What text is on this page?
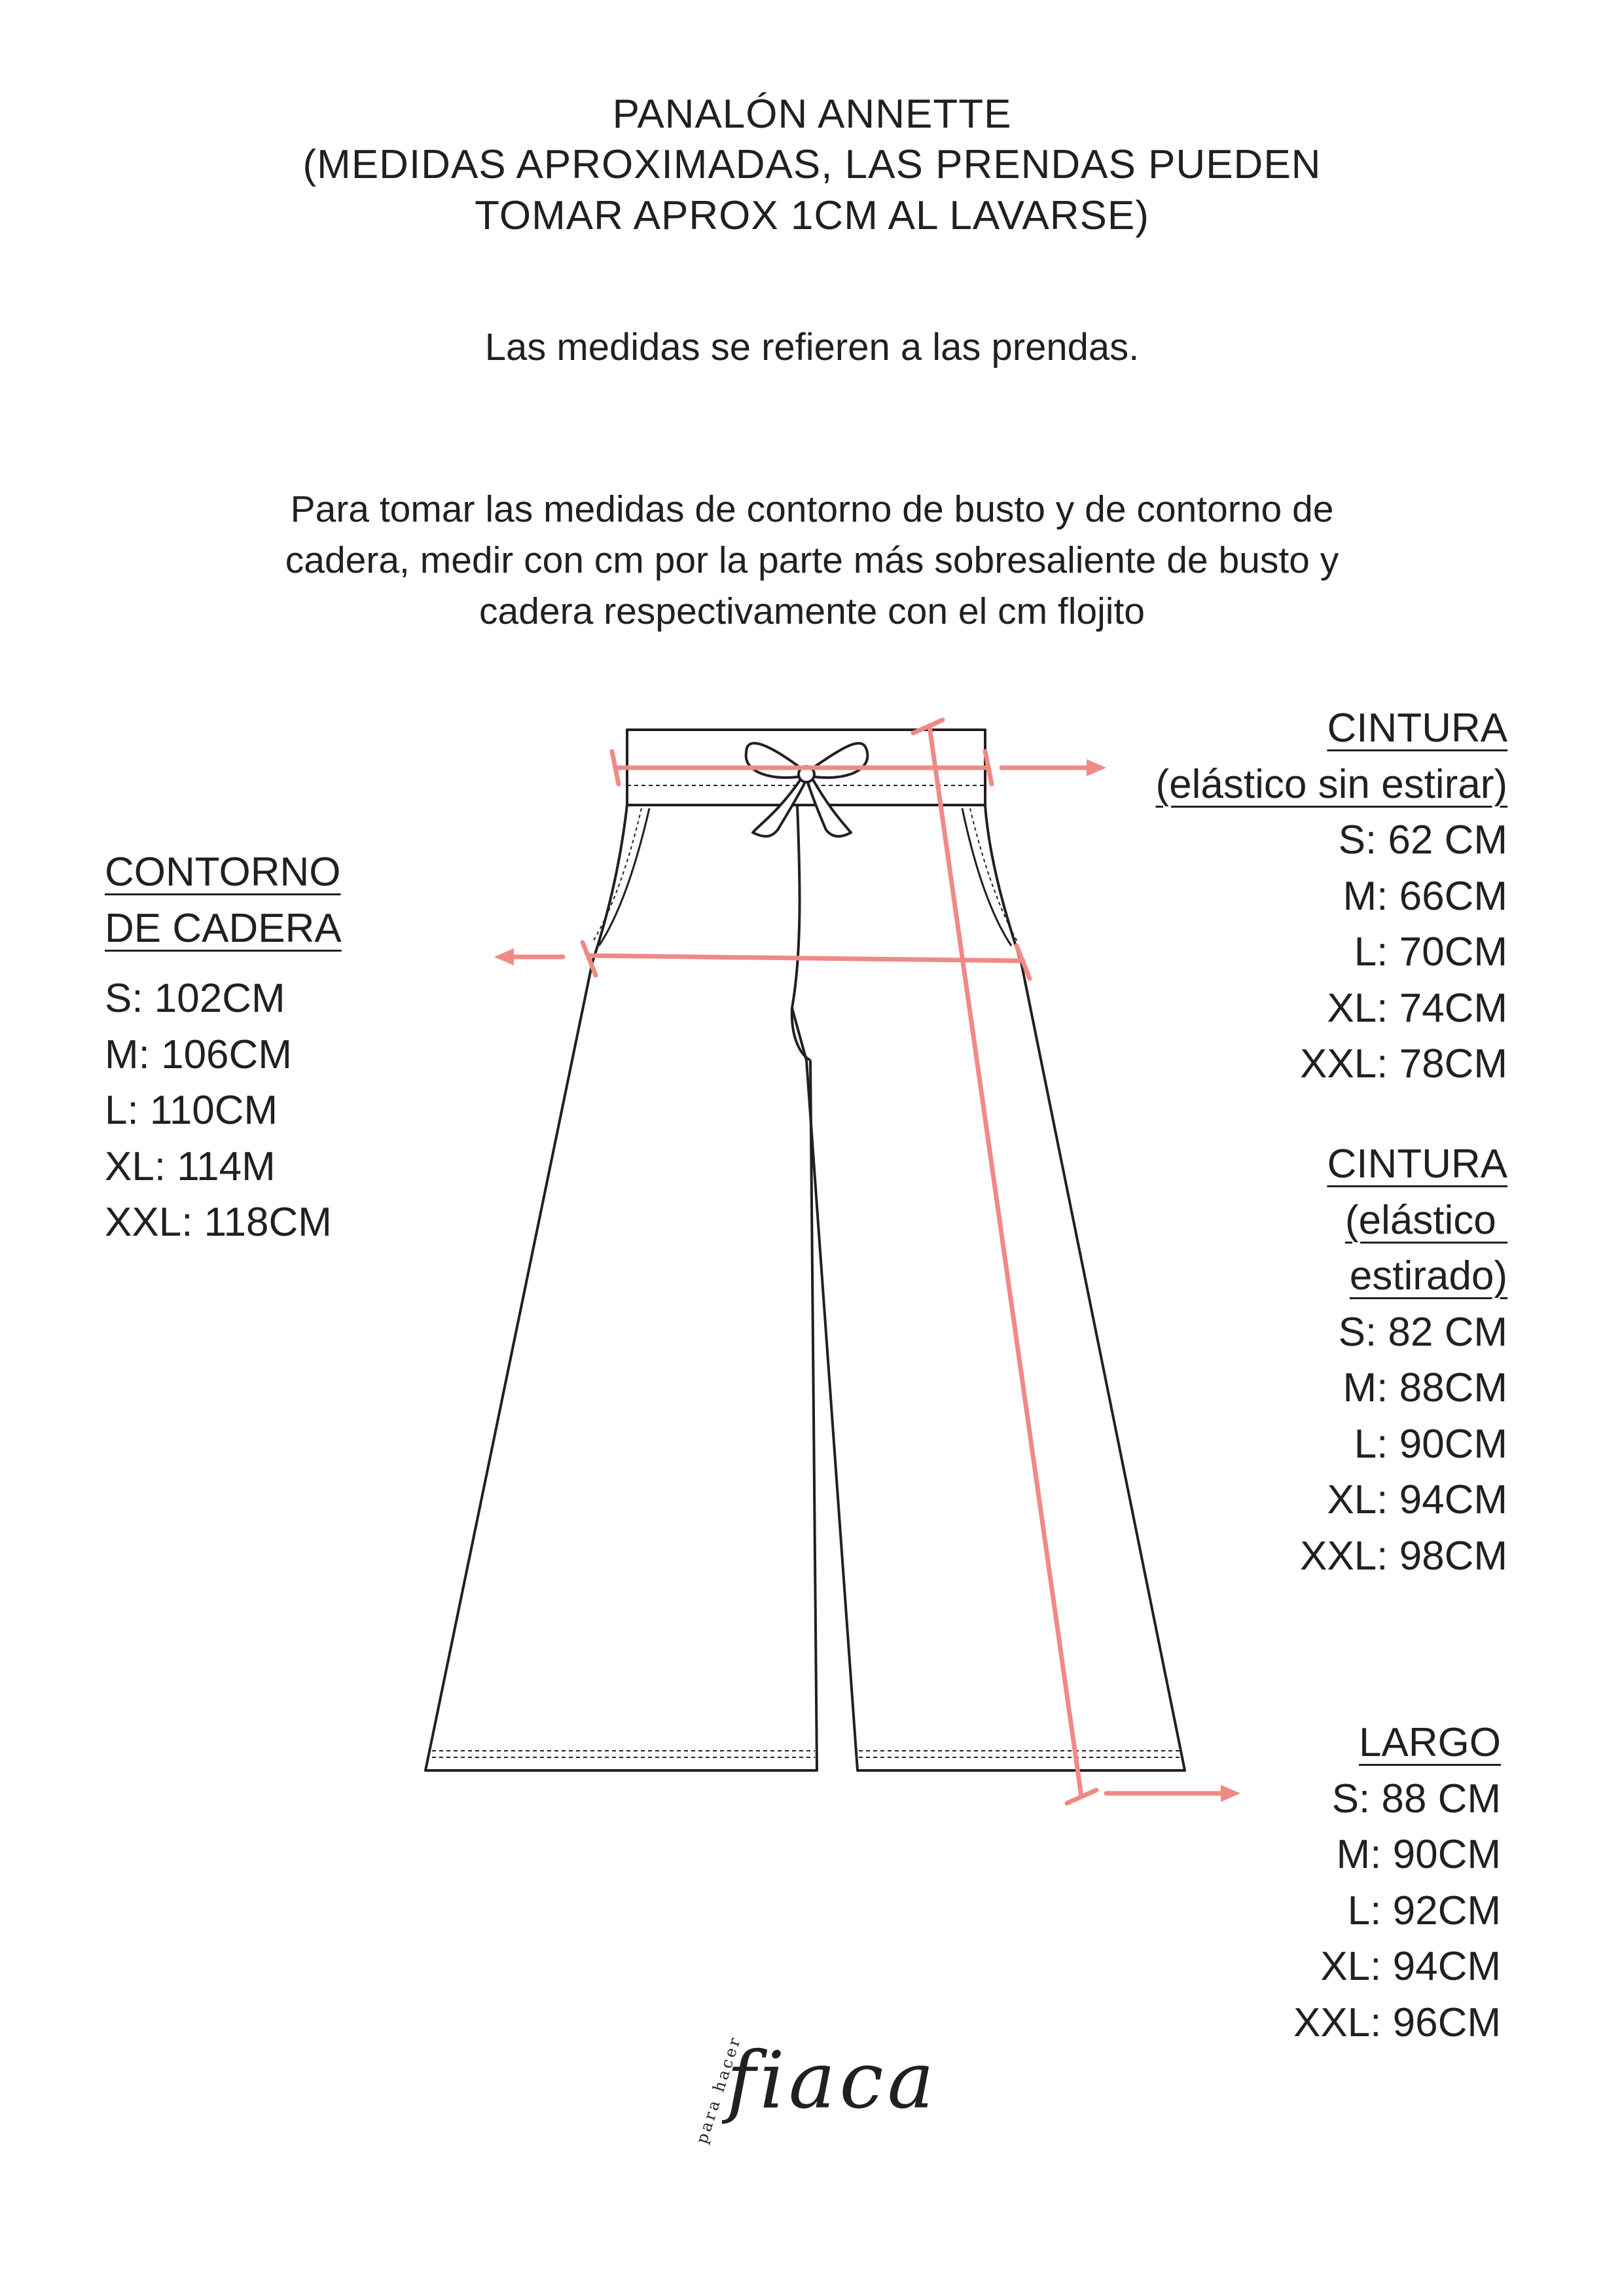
PANALÓN ANNETTE
(MEDIDAS APROXIMADAS, LAS PRENDAS PUEDEN
TOMAR APROX 1CM AL LAVARSE)
Las medidas se refieren a las prendas.
Para tomar las medidas de contorno de busto y de contorno de
cadera, medir con cm por la parte más sobresaliente de busto y
cadera respectivamente con el cm flojito
CONTORNO
DE CADERA
S: 102CM
M: 106CM
L: 110CM
XL: 114M
XXL: 118CM
CINTURA
(elástico sin estirar)
S: 62 CM
M: 66CM
L: 70CM
XL: 74CM
XXL: 78CM
CINTURA
(elástico
estirado)
S: 82 CM
M: 88CM
L: 90CM
XL: 94CM
XXL: 98CM
LARGO
S: 88 CM
M: 90CM
L: 92CM
XL: 94CM
XXL: 96CM
para hacer
fiaca
